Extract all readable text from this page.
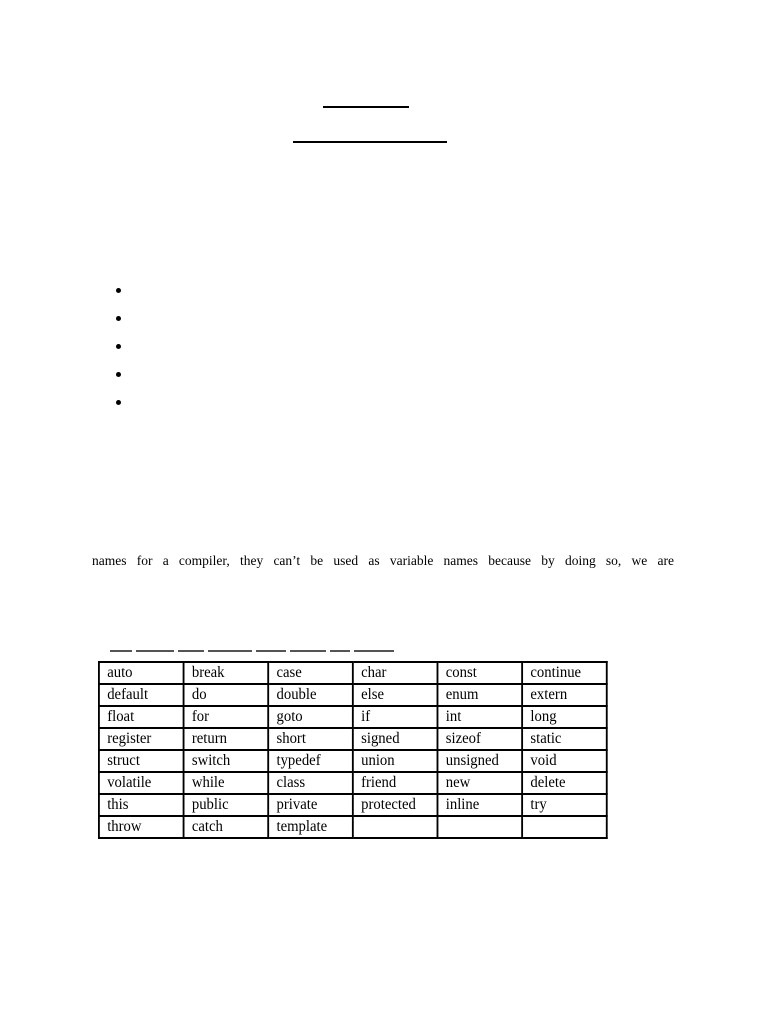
names for a compiler, they can’t be used as variable names because by doing so, we are
auto	break	case	char	const	continue
default	do	double	else	enum	extern
float	for	goto	if	int	long
register	return	short	signed	sizeof	static
struct	switch	typedef	union	unsigned	void
volatile	while	class	friend	new	delete
this	public	private	protected	inline	try
throw	catch	template			
